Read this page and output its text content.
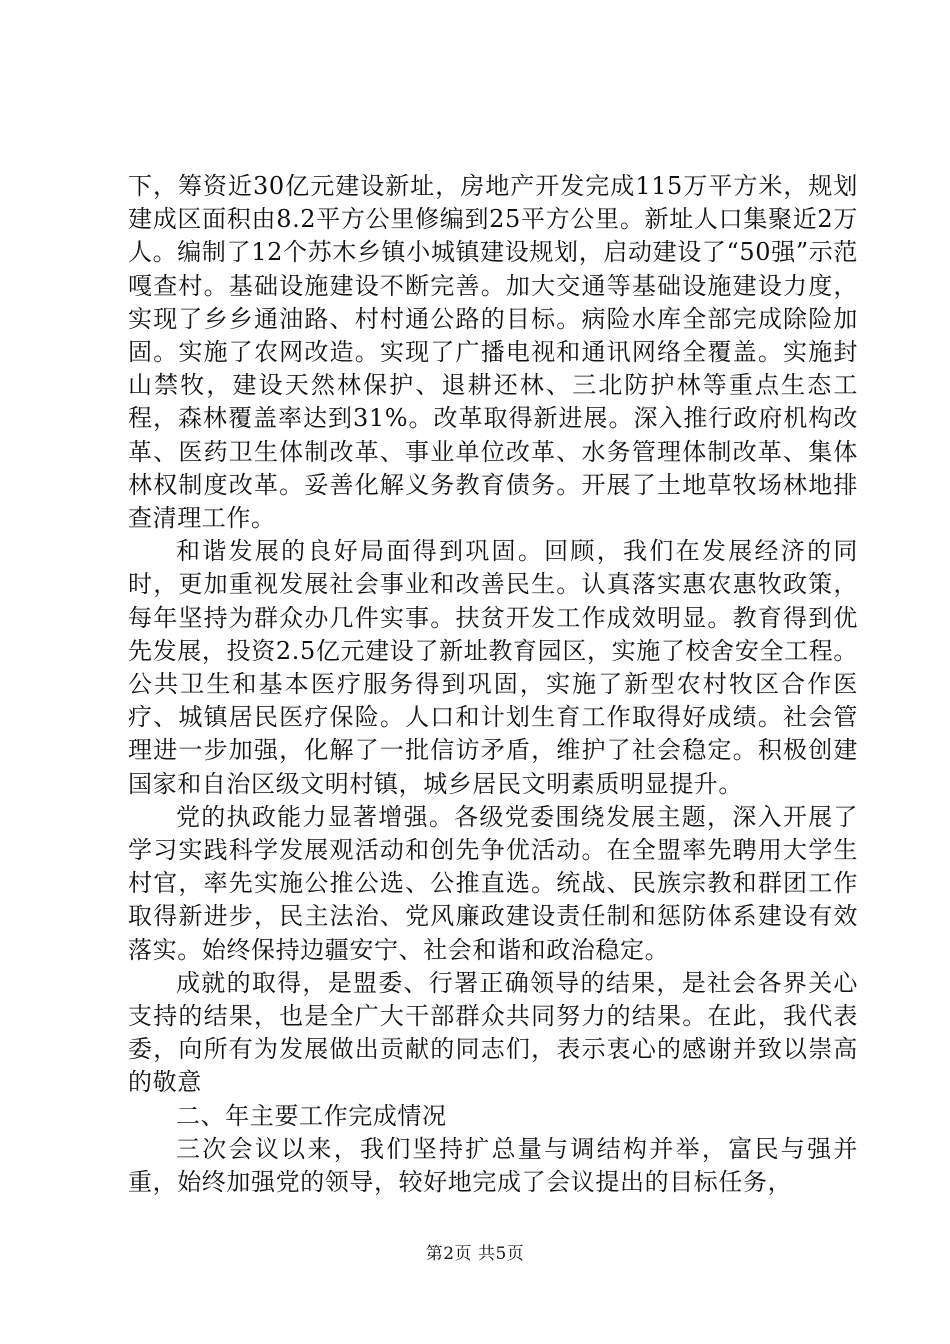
下，筹资近30亿元建设新址，房地产开发完成115万平方米，规划建成区面积由8.2平方公里修编到25平方公里。新址人口集聚近2万人。编制了12个苏木乡镇小城镇建设规划，启动建设了“50强”示范嘎查村。基础设施建设不断完善。加大交通等基础设施建设力度，实现了乡乡通油路、村村通公路的目标。病险水库全部完成除险加固。实施了农网改造。实现了广播电视和通讯网络全覆盖。实施封山禁牧，建设天然林保护、退耕还林、三北防护林等重点生态工程，森林覆盖率达到31%。改革取得新进展。深入推行政府机构改革、医药卫生体制改革、事业单位改革、水务管理体制改革、集体林权制度改革。妥善化解义务教育债务。开展了土地草牧场林地排查清理工作。

和谐发展的良好局面得到巩固。回顾，我们在发展经济的同时，更加重视发展社会事业和改善民生。认真落实惠农惠牧政策，每年坚持为群众办几件实事。扶贫开发工作成效明显。教育得到优先发展，投资2.5亿元建设了新址教育园区，实施了校舍安全工程。公共卫生和基本医疗服务得到巩固，实施了新型农村牧区合作医疗、城镇居民医疗保险。人口和计划生育工作取得好成绩。社会管理进一步加强，化解了一批信访矛盾，维护了社会稳定。积极创建国家和自治区级文明村镇，城乡居民文明素质明显提升。

党的执政能力显著增强。各级党委围绕发展主题，深入开展了学习实践科学发展观活动和创先争优活动。在全盟率先聘用大学生村官，率先实施公推公选、公推直选。统战、民族宗教和群团工作取得新进步，民主法治、党风廉政建设责任制和惩防体系建设有效落实。始终保持边疆安宁、社会和谐和政治稳定。

成就的取得，是盟委、行署正确领导的结果，是社会各界关心支持的结果，也是全广大干部群众共同努力的结果。在此，我代表委，向所有为发展做出贡献的同志们，表示衷心的感谢并致以崇高的敬意

二、年主要工作完成情况

三次会议以来，我们坚持扩总量与调结构并举，富民与强并重，始终加强党的领导，较好地完成了会议提出的目标任务，

第2页 共5页
